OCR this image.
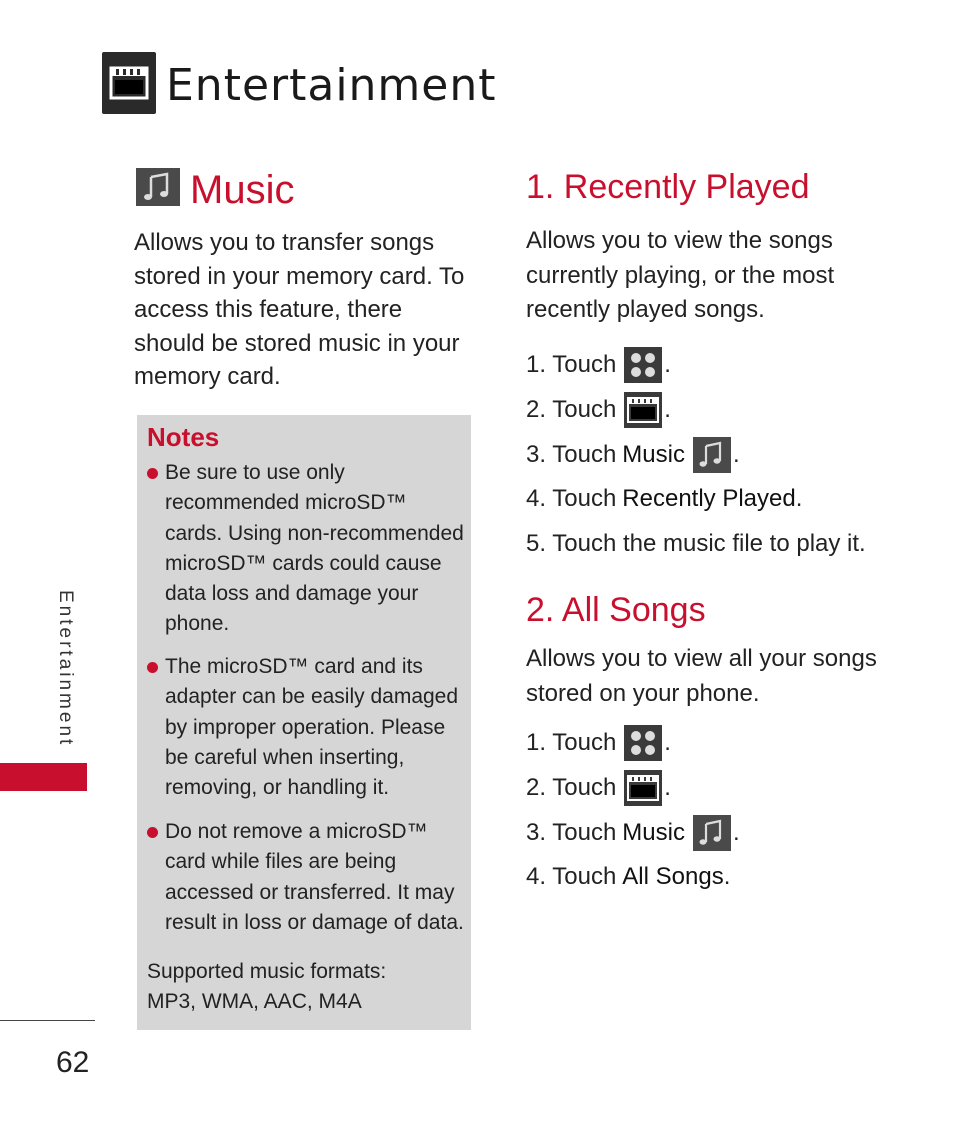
Entertainment
Entertainment
62
Music
Allows you to transfer songs stored in your memory card. To access this feature, there should be stored music in your memory card.
Notes
Be sure to use only recommended microSD™ cards. Using non-recommended microSD™ cards could cause data loss and damage your phone.
The microSD™ card and its adapter can be easily damaged by improper operation. Please be careful when inserting, removing, or handling it.
Do not remove a microSD™ card while files are being accessed or transferred. It may result in loss or damage of data.
Supported music formats:
MP3, WMA, AAC, M4A
1. Recently Played
Allows you to view the songs currently playing, or the most recently played songs.
1. Touch .
2. Touch .
3. Touch Music .
4. Touch Recently Played .
5. Touch the music file to play it.
2. All Songs
Allows you to view all your songs stored on your phone.
1. Touch .
2. Touch .
3. Touch Music .
4. Touch All Songs .
